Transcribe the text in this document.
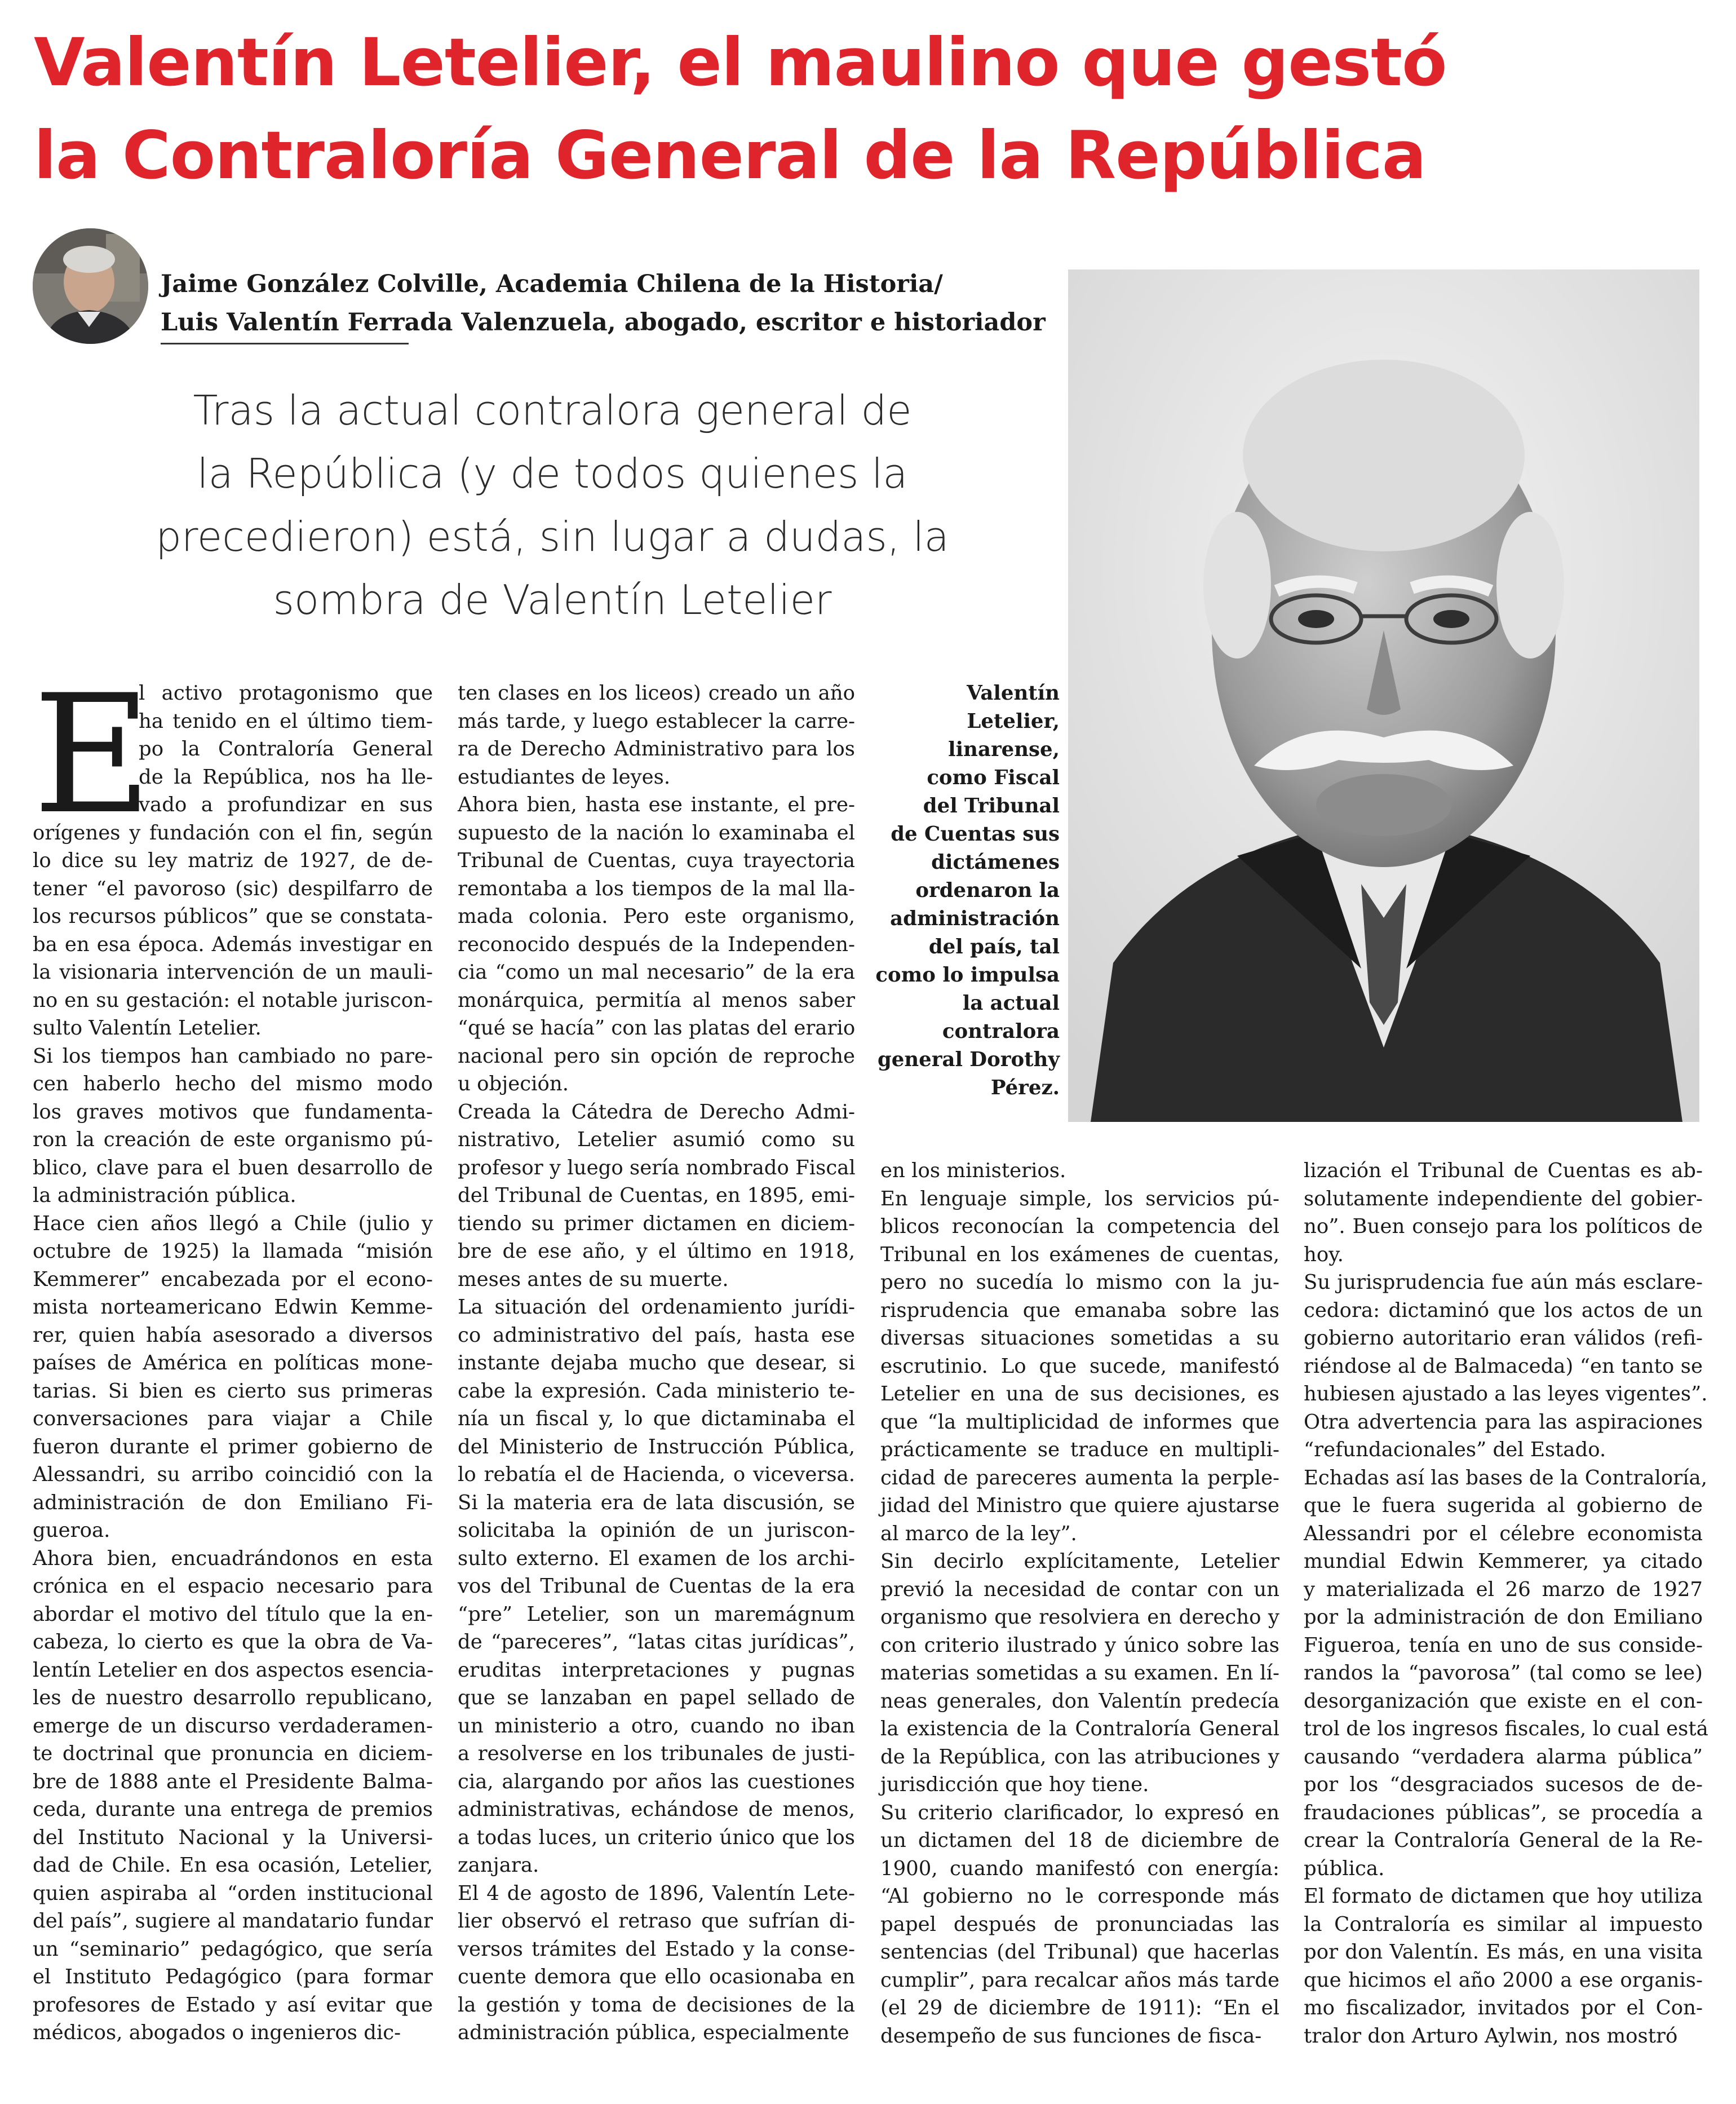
Valentín Letelier, el maulino que gestó
la Contraloría General de la República
Jaime González Colville, Academia Chilena de la Historia/
Luis Valentín Ferrada Valenzuela, abogado, escritor e historiador
Tras la actual contralora general de
la República (y de todos quienes la
precedieron) está, sin lugar a dudas, la
sombra de Valentín Letelier
Valentín
Letelier,
linarense,
como Fiscal
del Tribunal
de Cuentas sus
dictámenes
ordenaron la
administración
del país, tal
como lo impulsa
la actual
contralora
general Dorothy
Pérez.
E

l activo protagonismo que
ha tenido en el último tiem-
po la Contraloría General
de la República, nos ha lle-
vado a profundizar en sus
orígenes y fundación con el fin, según
lo dice su ley matriz de 1927, de de-
tener “el pavoroso (sic) despilfarro de
los recursos públicos” que se constata-
ba en esa época. Además investigar en
la visionaria intervención de un mauli-
no en su gestación: el notable juriscon-
sulto Valentín Letelier.

Si los tiempos han cambiado no pare-
cen haberlo hecho del mismo modo
los graves motivos que fundamenta-
ron la creación de este organismo pú-
blico, clave para el buen desarrollo de
la administración pública.

Hace cien años llegó a Chile (julio y
octubre de 1925) la llamada “misión
Kemmerer” encabezada por el econo-
mista norteamericano Edwin Kemme-
rer, quien había asesorado a diversos
países de América en políticas mone-
tarias. Si bien es cierto sus primeras
conversaciones para viajar a Chile
fueron durante el primer gobierno de
Alessandri, su arribo coincidió con la
administración de don Emiliano Fi-
gueroa.

Ahora bien, encuadrándonos en esta
crónica en el espacio necesario para
abordar el motivo del título que la en-
cabeza, lo cierto es que la obra de Va-
lentín Letelier en dos aspectos esencia-
les de nuestro desarrollo republicano,
emerge de un discurso verdaderamen-
te doctrinal que pronuncia en diciem-
bre de 1888 ante el Presidente Balma-
ceda, durante una entrega de premios
del Instituto Nacional y la Universi-
dad de Chile. En esa ocasión, Letelier,
quien aspiraba al “orden institucional
del país”, sugiere al mandatario fundar
un “seminario” pedagógico, que sería
el Instituto Pedagógico (para formar
profesores de Estado y así evitar que
médicos, abogados o ingenieros dic-

ten clases en los liceos) creado un año
más tarde, y luego establecer la carre-
ra de Derecho Administrativo para los
estudiantes de leyes.

Ahora bien, hasta ese instante, el pre-
supuesto de la nación lo examinaba el
Tribunal de Cuentas, cuya trayectoria
remontaba a los tiempos de la mal lla-
mada colonia. Pero este organismo,
reconocido después de la Independen-
cia “como un mal necesario” de la era
monárquica, permitía al menos saber
“qué se hacía” con las platas del erario
nacional pero sin opción de reproche
u objeción.

Creada la Cátedra de Derecho Admi-
nistrativo, Letelier asumió como su
profesor y luego sería nombrado Fiscal
del Tribunal de Cuentas, en 1895, emi-
tiendo su primer dictamen en diciem-
bre de ese año, y el último en 1918,
meses antes de su muerte.

La situación del ordenamiento jurídi-
co administrativo del país, hasta ese
instante dejaba mucho que desear, si
cabe la expresión. Cada ministerio te-
nía un fiscal y, lo que dictaminaba el
del Ministerio de Instrucción Pública,
lo rebatía el de Hacienda, o viceversa.
Si la materia era de lata discusión, se
solicitaba la opinión de un juriscon-
sulto externo. El examen de los archi-
vos del Tribunal de Cuentas de la era
“pre” Letelier, son un maremágnum
de “pareceres”, “latas citas jurídicas”,
eruditas interpretaciones y pugnas
que se lanzaban en papel sellado de
un ministerio a otro, cuando no iban
a resolverse en los tribunales de justi-
cia, alargando por años las cuestiones
administrativas, echándose de menos,
a todas luces, un criterio único que los
zanjara.

El 4 de agosto de 1896, Valentín Lete-
lier observó el retraso que sufrían di-
versos trámites del Estado y la conse-
cuente demora que ello ocasionaba en
la gestión y toma de decisiones de la
administración pública, especialmente

en los ministerios.

En lenguaje simple, los servicios pú-
blicos reconocían la competencia del
Tribunal en los exámenes de cuentas,
pero no sucedía lo mismo con la ju-
risprudencia que emanaba sobre las
diversas situaciones sometidas a su
escrutinio. Lo que sucede, manifestó
Letelier en una de sus decisiones, es
que “la multiplicidad de informes que
prácticamente se traduce en multipli-
cidad de pareceres aumenta la perple-
jidad del Ministro que quiere ajustarse
al marco de la ley”.

Sin decirlo explícitamente, Letelier
previó la necesidad de contar con un
organismo que resolviera en derecho y
con criterio ilustrado y único sobre las
materias sometidas a su examen. En lí-
neas generales, don Valentín predecía
la existencia de la Contraloría General
de la República, con las atribuciones y
jurisdicción que hoy tiene.

Su criterio clarificador, lo expresó en
un dictamen del 18 de diciembre de
1900, cuando manifestó con energía:
“Al gobierno no le corresponde más
papel después de pronunciadas las
sentencias (del Tribunal) que hacerlas
cumplir”, para recalcar años más tarde
(el 29 de diciembre de 1911): “En el
desempeño de sus funciones de fisca-

lización el Tribunal de Cuentas es ab-
solutamente independiente del gobier-
no”. Buen consejo para los políticos de
hoy.

Su jurisprudencia fue aún más esclare-
cedora: dictaminó que los actos de un
gobierno autoritario eran válidos (refi-
riéndose al de Balmaceda) “en tanto se
hubiesen ajustado a las leyes vigentes”.
Otra advertencia para las aspiraciones
“refundacionales” del Estado.

Echadas así las bases de la Contraloría,
que le fuera sugerida al gobierno de
Alessandri por el célebre economista
mundial Edwin Kemmerer, ya citado
y materializada el 26 marzo de 1927
por la administración de don Emiliano
Figueroa, tenía en uno de sus conside-
randos la “pavorosa” (tal como se lee)
desorganización que existe en el con-
trol de los ingresos fiscales, lo cual está
causando “verdadera alarma pública”
por los “desgraciados sucesos de de-
fraudaciones públicas”, se procedía a
crear la Contraloría General de la Re-
pública.

El formato de dictamen que hoy utiliza
la Contraloría es similar al impuesto
por don Valentín. Es más, en una visita
que hicimos el año 2000 a ese organis-
mo fiscalizador, invitados por el Con-
tralor don Arturo Aylwin, nos mostró
